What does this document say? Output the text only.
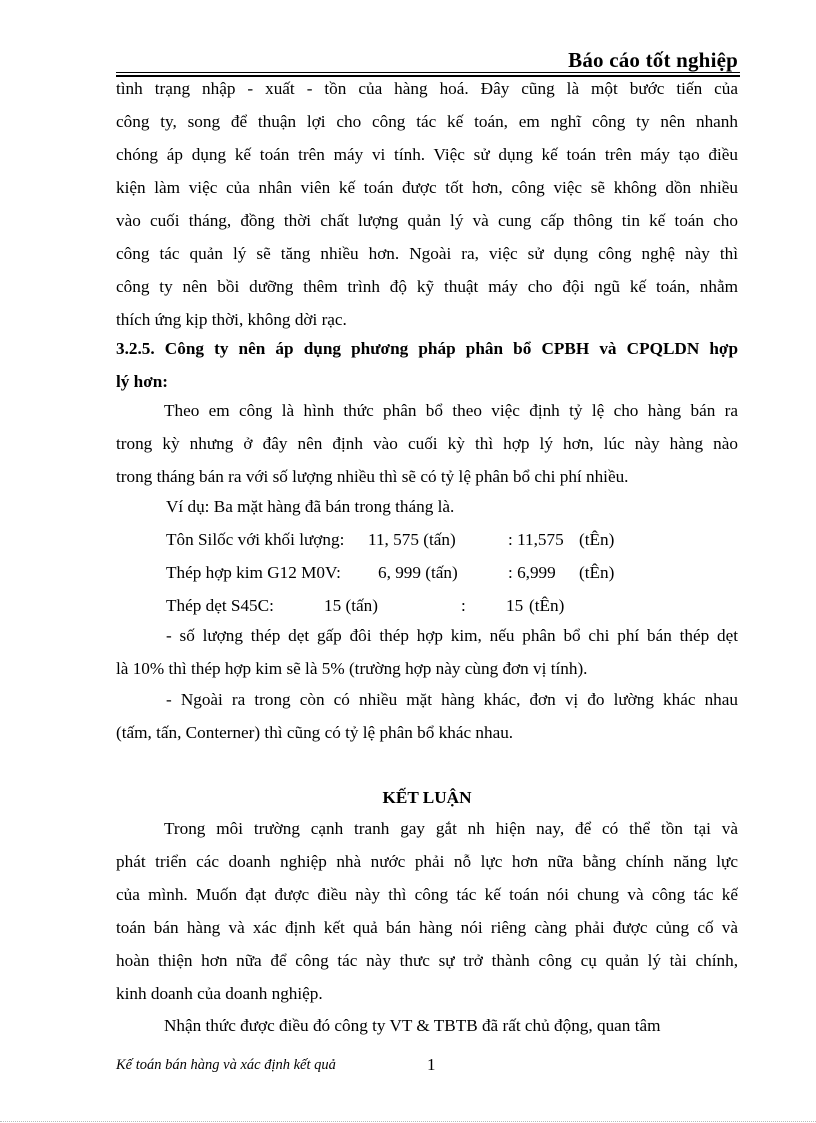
Báo cáo tốt nghiệp
tình trạng nhập - xuất - tồn của hàng hoá. Đây cũng là một bước tiến của
công ty, song để thuận lợi cho công tác kế toán, em nghĩ công ty nên nhanh
chóng áp dụng kế toán trên máy vi tính. Việc sử dụng kế toán trên máy tạo điều
kiện làm việc của nhân viên kế toán được tốt hơn, công việc sẽ không dồn nhiều
vào cuối tháng, đồng thời chất lượng quản lý và cung cấp thông tin kế toán cho
công tác quản lý sẽ tăng nhiều hơn. Ngoài ra, việc sử dụng công nghệ này thì
công ty nên bồi dưỡng thêm trình độ kỹ thuật máy cho đội ngũ kế toán, nhằm
thích ứng kịp thời, không dời rạc.
3.2.5. Công ty nên áp dụng phương pháp phân bổ CPBH và CPQLDN hợp
lý hơn:
Theo em công là hình thức phân bổ theo việc định tỷ lệ cho hàng bán ra
trong kỳ nhưng ở đây nên định vào cuối kỳ thì hợp lý hơn, lúc này hàng nào
trong tháng bán ra với số lượng nhiều thì sẽ có tỷ lệ phân bổ chi phí nhiều.
Ví dụ: Ba mặt hàng đã bán trong tháng là.
Tôn Silốc với khối lượng: 11, 575 (tấn)	: 11,575 (tÊn)
Thép hợp kim G12 M0V: 6, 999 (tấn)	: 6,999 (tÊn)
Thép dẹt S45C:	15 (tấn)	: 15 (tÊn)
- số lượng thép dẹt gấp đôi thép hợp kim, nếu phân bổ chi phí bán thép dẹt
là 10% thì thép hợp kim sẽ là 5% (trường hợp này cùng đơn vị tính).
- Ngoài ra trong còn có nhiều mặt hàng khác, đơn vị đo lường khác nhau
(tấm, tấn, Conterner) thì cũng có tỷ lệ phân bổ khác nhau.
KẾT LUẬN
Trong môi trường cạnh tranh gay gắt nh hiện nay, để có thể tồn tại và
phát triển các doanh nghiệp nhà nước phải nỗ lực hơn nữa bằng chính năng lực
của mình. Muốn đạt được điều này thì công tác kế toán nói chung và công tác kế
toán bán hàng và xác định kết quả bán hàng nói riêng càng phải được củng cố và
hoàn thiện hơn nữa để công tác này thưc sự trở thành công cụ quản lý tài chính,
kinh doanh của doanh nghiệp.
Nhận thức được điều đó công ty VT & TBTB đã rất chủ động, quan tâm
Kế toán bán hàng và xác định kết quả	1
